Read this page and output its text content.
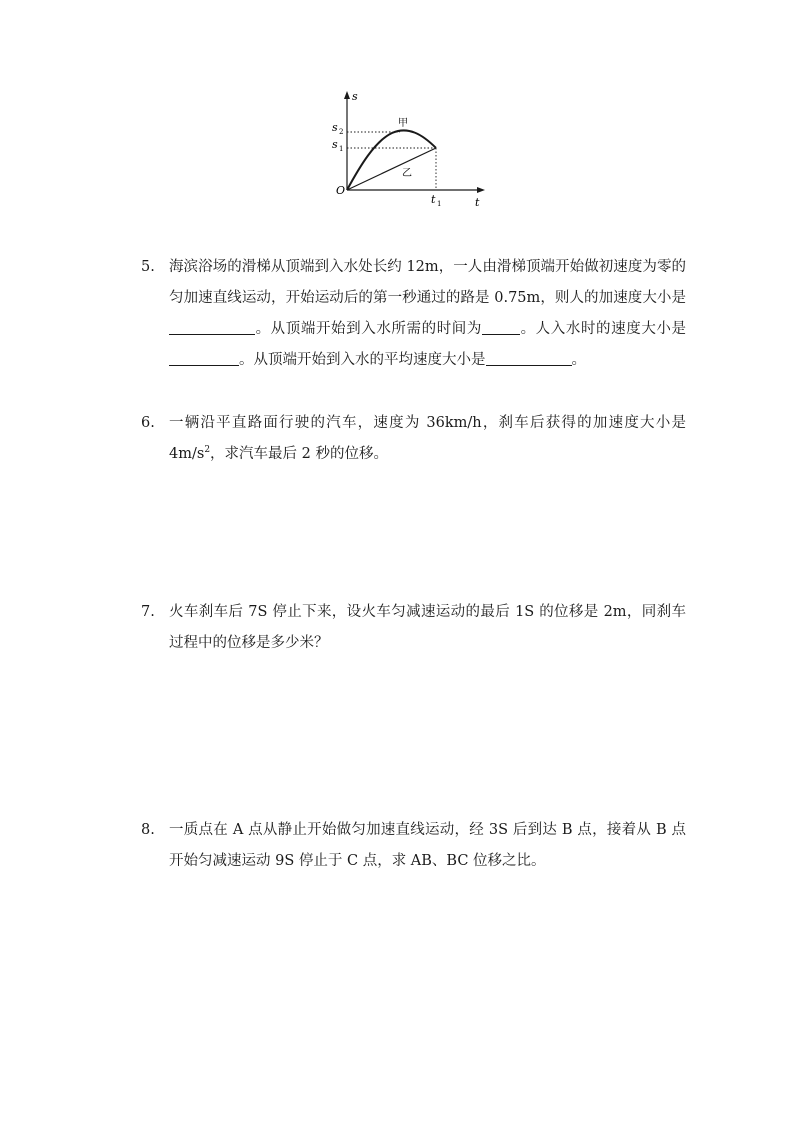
s
t
O
s 2
s 1
t 1
甲
乙
5. 海滨浴场的滑梯从顶端到入水处长约 12m，一人由滑梯顶端开始做初速度为零的匀加速直线运动，开始运动后的第一秒通过的路是 0.75m，则人的加速度大小是。从顶端开始到入水所需的时间为	。人入水时的速度大小是。从顶端开始到入水的平均速度大小是	。
6. 一辆沿平直路面行驶的汽车，速度为 36km/h，刹车后获得的加速度大小是 $4m/s^2$，求汽车最后 2 秒的位移。
7. 火车刹车后 7S 停止下来，设火车匀减速运动的最后 1S 的位移是 2m，同刹车过程中的位移是多少米？
8. 一质点在 A 点从静止开始做匀加速直线运动，经 3S 后到达 B 点，接着从 B 点开始匀减速运动 9S 停止于 C 点，求 AB、BC 位移之比。
